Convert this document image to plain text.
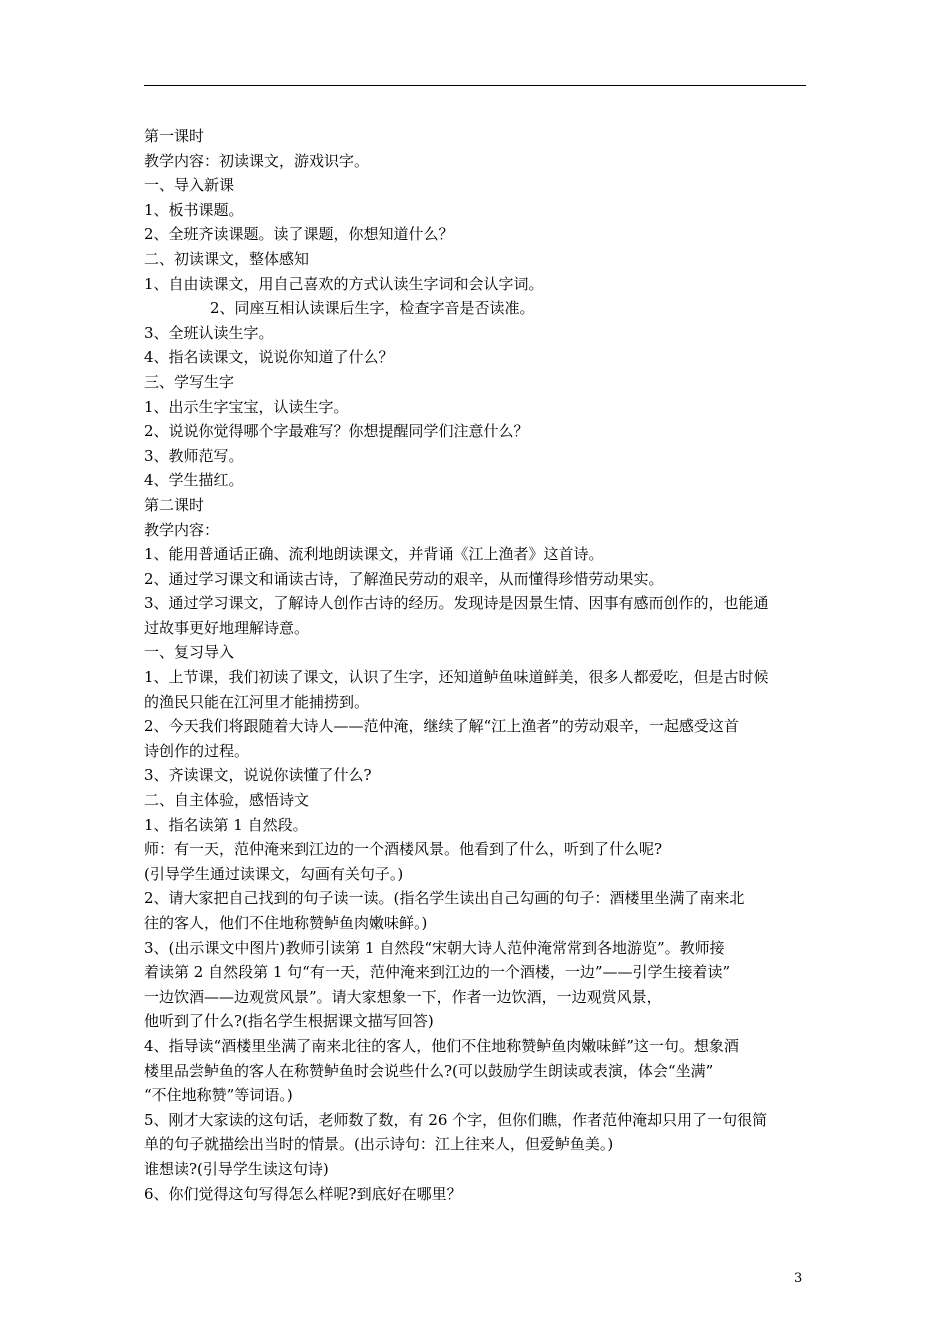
第一课时
教学内容：初读课文，游戏识字。
一、导入新课
1、板书课题。
2、全班齐读课题。读了课题，你想知道什么？
二、初读课文，整体感知
1、自由读课文，用自己喜欢的方式认读生字词和会认字词。
2、同座互相认读课后生字，检查字音是否读准。
3、全班认读生字。
4、指名读课文，说说你知道了什么？
三、学写生字
1、出示生字宝宝，认读生字。
2、说说你觉得哪个字最难写？你想提醒同学们注意什么？
3、教师范写。
4、学生描红。
第二课时
教学内容：
1、能用普通话正确、流利地朗读课文，并背诵《江上渔者》这首诗。
2、通过学习课文和诵读古诗，了解渔民劳动的艰辛，从而懂得珍惜劳动果实。
3、通过学习课文，了解诗人创作古诗的经历。发现诗是因景生情、因事有感而创作的，也能通
过故事更好地理解诗意。
一、复习导入
1、上节课，我们初读了课文，认识了生字，还知道鲈鱼味道鲜美，很多人都爱吃，但是古时候
的渔民只能在江河里才能捕捞到。
2、今天我们将跟随着大诗人——范仲淹，继续了解“江上渔者”的劳动艰辛，一起感受这首
诗创作的过程。
3、齐读课文，说说你读懂了什么?
二、自主体验，感悟诗文
1、指名读第 1 自然段。
师：有一天，范仲淹来到江边的一个酒楼风景。他看到了什么，听到了什么呢?
(引导学生通过读课文，勾画有关句子。)
2、请大家把自己找到的句子读一读。(指名学生读出自己勾画的句子：酒楼里坐满了南来北
往的客人，他们不住地称赞鲈鱼肉嫩味鲜。)
3、(出示课文中图片)教师引读第 1 自然段“宋朝大诗人范仲淹常常到各地游览”。教师接
着读第 2 自然段第 1 句“有一天，范仲淹来到江边的一个酒楼，一边”——引学生接着读”
一边饮酒——边观赏风景”。请大家想象一下，作者一边饮酒，一边观赏风景，
他听到了什么?(指名学生根据课文描写回答)
4、指导读“酒楼里坐满了南来北往的客人，他们不住地称赞鲈鱼肉嫩味鲜”这一句。想象酒
楼里品尝鲈鱼的客人在称赞鲈鱼时会说些什么?(可以鼓励学生朗读或表演，体会“坐满”
“不住地称赞”等词语。)
5、刚才大家读的这句话，老师数了数，有 26 个字，但你们瞧，作者范仲淹却只用了一句很简
单的句子就描绘出当时的情景。(出示诗句：江上往来人，但爱鲈鱼美。)
谁想读?(引导学生读这句诗)
6、你们觉得这句写得怎么样呢?到底好在哪里？
3
